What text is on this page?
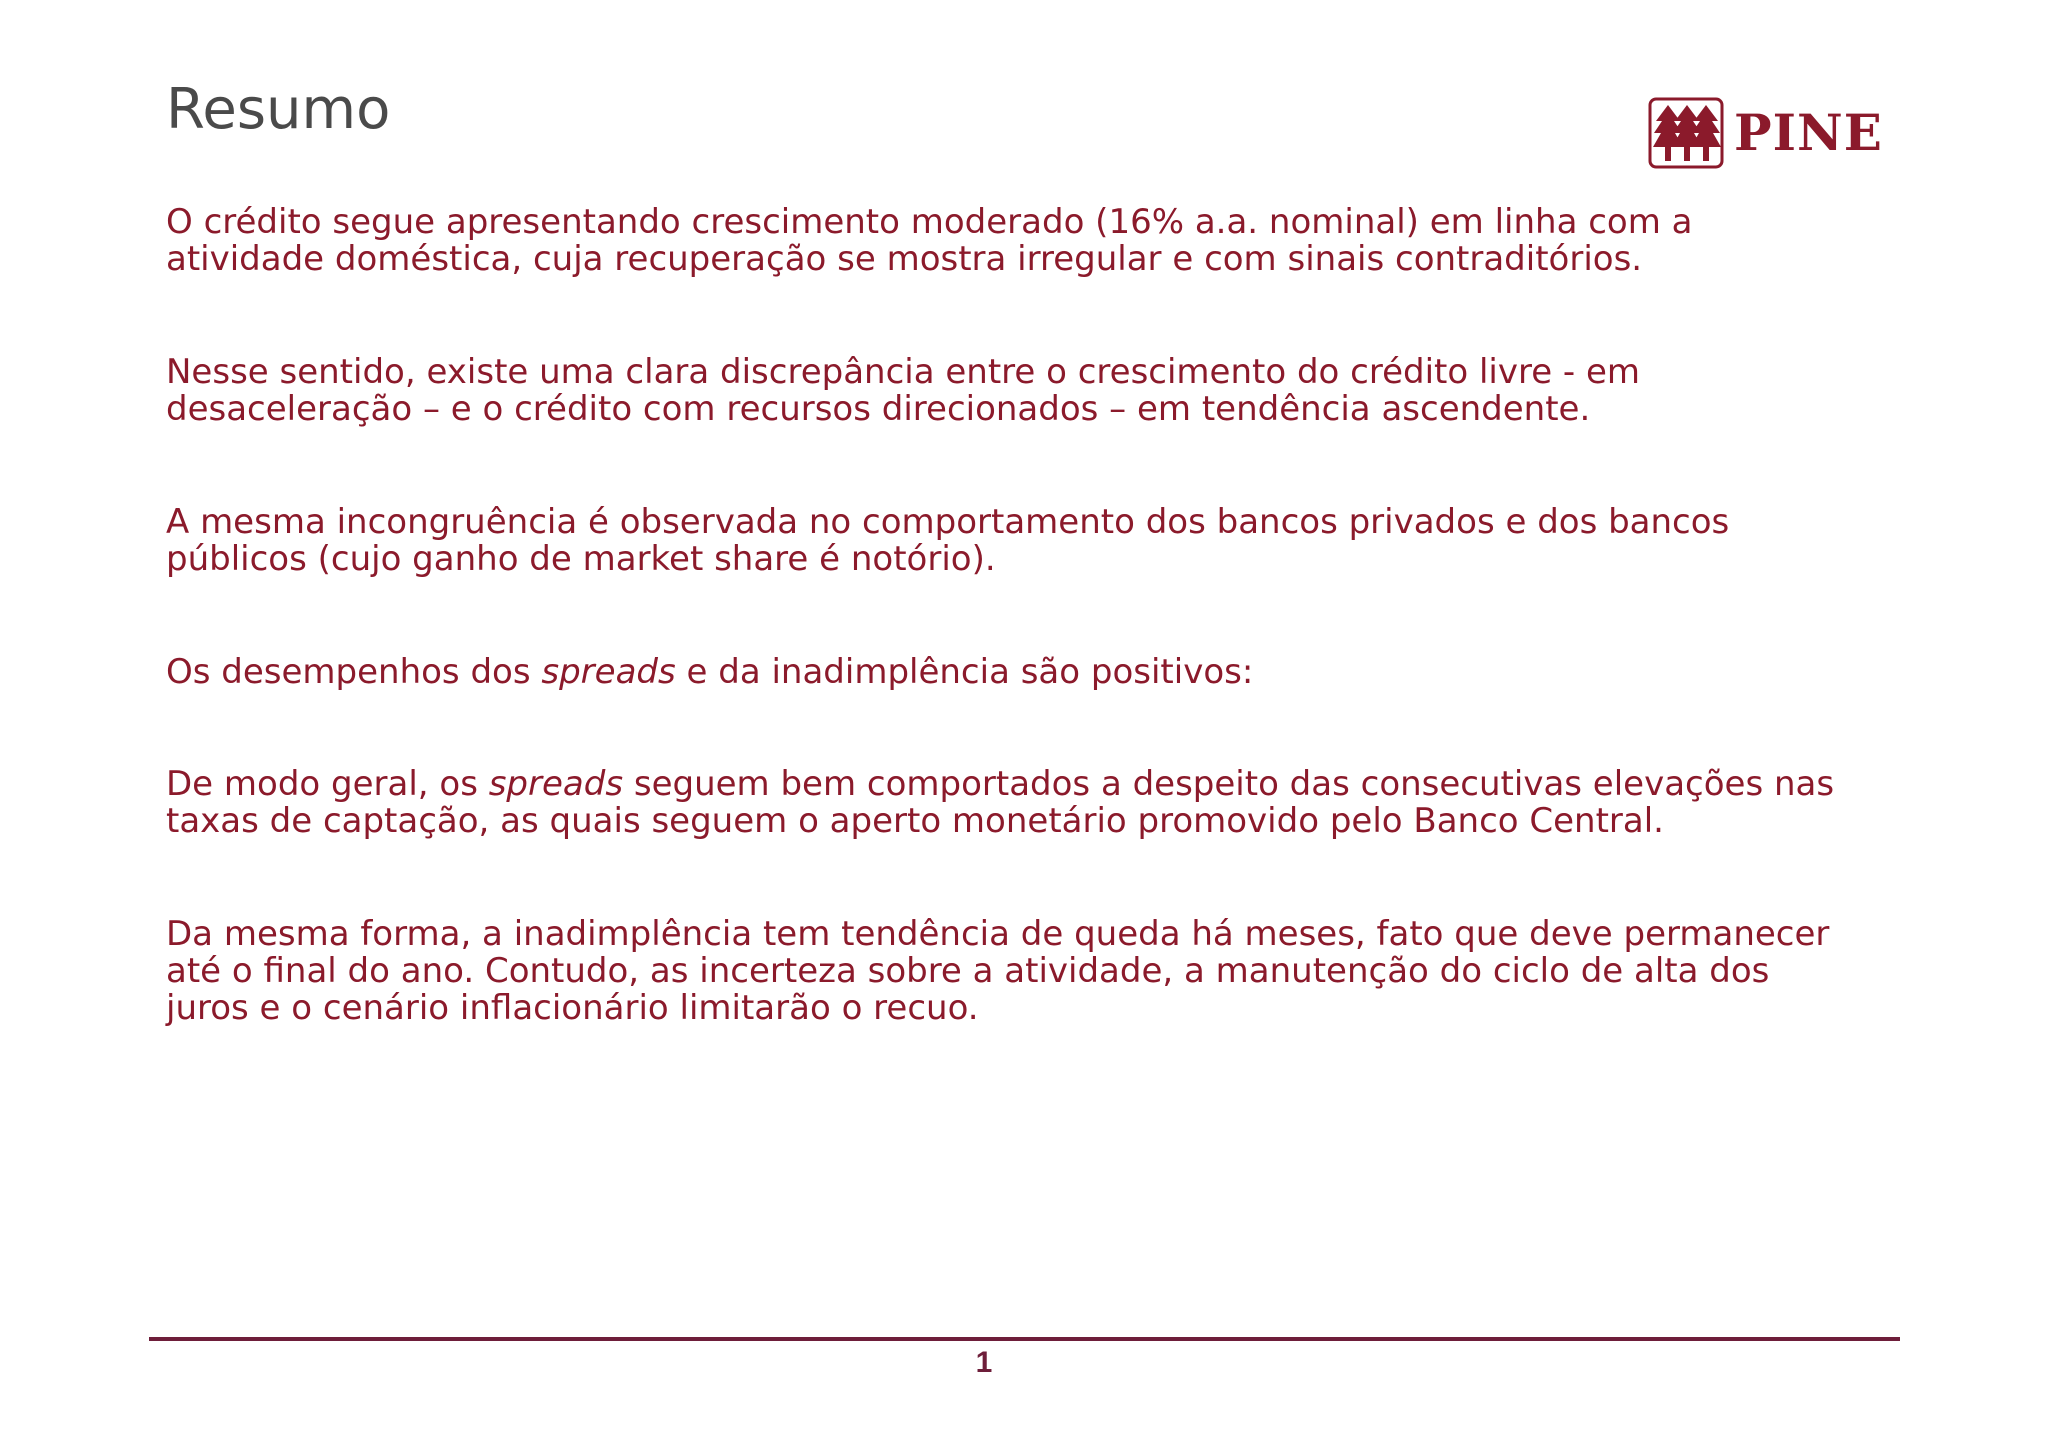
Resumo	PINE

O crédito segue apresentando crescimento moderado (16% a.a. nominal) em linha com a
atividade doméstica, cuja recuperação se mostra irregular e com sinais contraditórios.

Nesse sentido, existe uma clara discrepância entre o crescimento do crédito livre - em
desaceleração – e o crédito com recursos direcionados – em tendência ascendente.

A mesma incongruência é observada no comportamento dos bancos privados e dos bancos
públicos (cujo ganho de market share é notório).

Os desempenhos dos spreads e da inadimplência são positivos:

De modo geral, os spreads seguem bem comportados a despeito das consecutivas elevações nas
taxas de captação, as quais seguem o aperto monetário promovido pelo Banco Central.

Da mesma forma, a inadimplência tem tendência de queda há meses, fato que deve permanecer
até o final do ano. Contudo, as incerteza sobre a atividade, a manutenção do ciclo de alta dos
juros e o cenário inflacionário limitarão o recuo.

1
